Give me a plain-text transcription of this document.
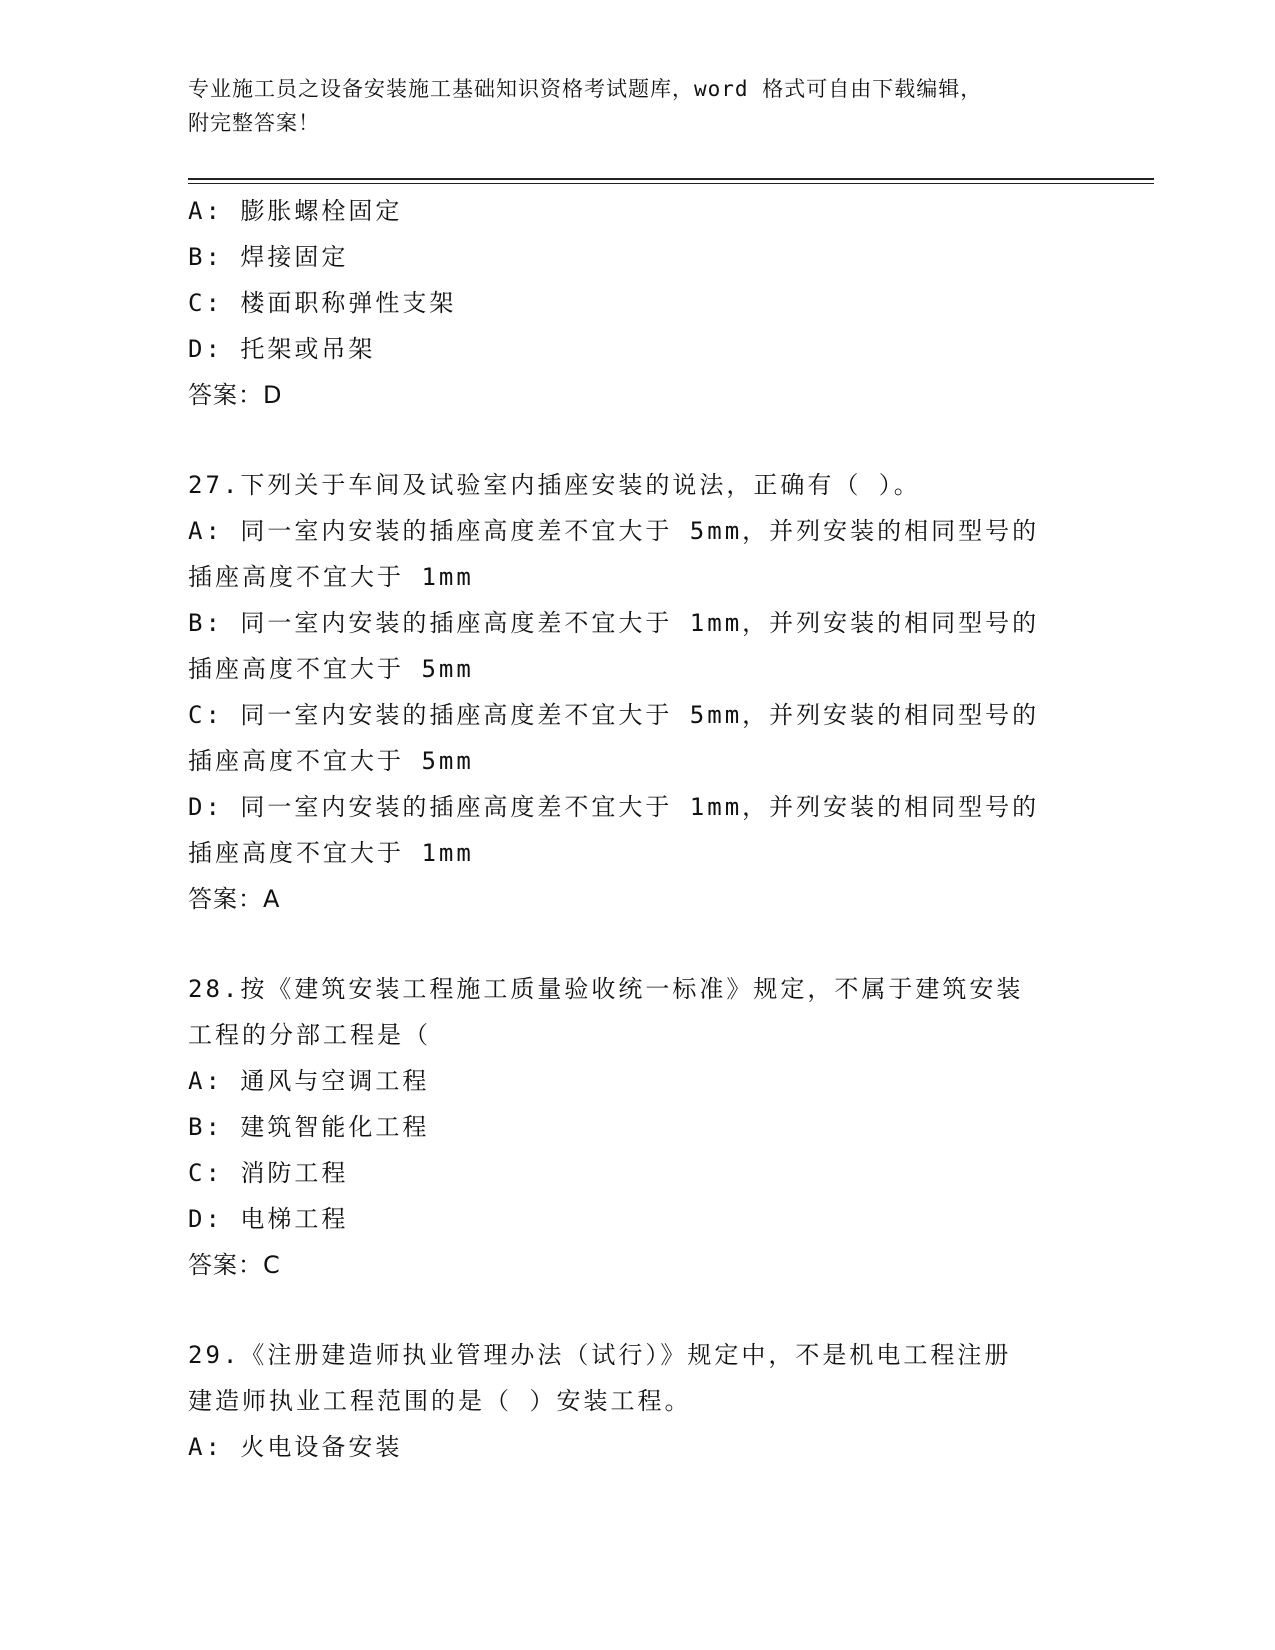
专业施工员之设备安装施工基础知识资格考试题库，word 格式可自由下载编辑，
附完整答案！
A: 膨胀螺栓固定
B: 焊接固定
C: 楼面职称弹性支架
D: 托架或吊架
答案：D
27.下列关于车间及试验室内插座安装的说法，正确有（ ）。
A: 同一室内安装的插座高度差不宜大于 5mm，并列安装的相同型号的
插座高度不宜大于 1mm
B: 同一室内安装的插座高度差不宜大于 1mm，并列安装的相同型号的
插座高度不宜大于 5mm
C: 同一室内安装的插座高度差不宜大于 5mm，并列安装的相同型号的
插座高度不宜大于 5mm
D: 同一室内安装的插座高度差不宜大于 1mm，并列安装的相同型号的
插座高度不宜大于 1mm
答案：A
28.按《建筑安装工程施工质量验收统一标准》规定，不属于建筑安装
工程的分部工程是（
A: 通风与空调工程
B: 建筑智能化工程
C: 消防工程
D: 电梯工程
答案：C
29.《注册建造师执业管理办法（试行）》规定中，不是机电工程注册
建造师执业工程范围的是（ ）安装工程。
A: 火电设备安装
